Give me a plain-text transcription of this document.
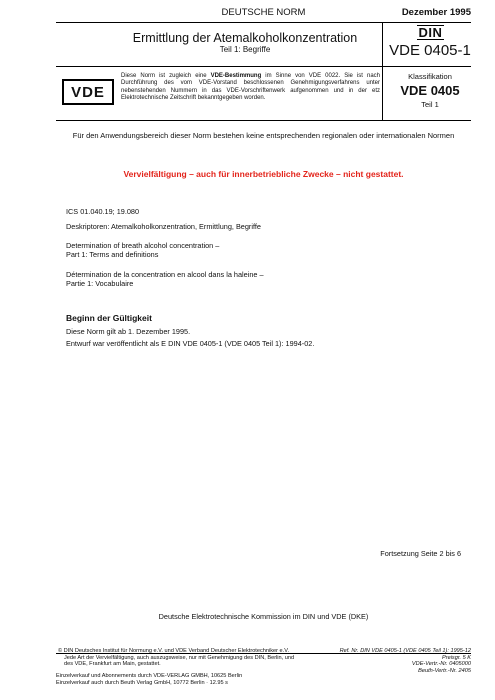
DEUTSCHE NORM	Dezember 1995
Ermittlung der Atemalkoholkonzentration
Teil 1: Begriffe
DIN
VDE 0405-1
VDE
Diese Norm ist zugleich eine VDE-Bestimmung im Sinne von VDE 0022. Sie ist nach Durchführung des vom VDE-Vorstand beschlossenen Genehmigungsverfahrens unter nebenstehenden Nummern in das VDE-Vorschriftenwerk aufgenommen und in der etz Elektrotechnische Zeitschrift bekanntgegeben worden.
Klassifikation
VDE 0405
Teil 1
Für den Anwendungsbereich dieser Norm bestehen keine entsprechenden regionalen oder internationalen Normen
Vervielfältigung – auch für innerbetriebliche Zwecke – nicht gestattet.
ICS 01.040.19; 19.080
Deskriptoren: Atemalkoholkonzentration, Ermittlung, Begriffe
Determination of breath alcohol concentration –
Part 1: Terms and definitions
Détermination de la concentration en alcool dans la haleine –
Partie 1: Vocabulaire
Beginn der Gültigkeit
Diese Norm gilt ab 1. Dezember 1995.
Entwurf war veröffentlicht als E DIN VDE 0405-1 (VDE 0405 Teil 1): 1994-02.
Fortsetzung Seite 2 bis 6
Deutsche Elektrotechnische Kommission im DIN und VDE (DKE)
© DIN Deutsches Institut für Normung e.V. und VDE Verband Deutscher Elektrotechniker e.V.
Jede Art der Vervielfältigung, auch auszugsweise, nur mit Genehmigung des DIN, Berlin, und
des VDE, Frankfurt am Main, gestattet.
Einzelverkauf und Abonnements durch VDE-VERLAG GMBH, 10625 Berlin
Einzelverkauf auch durch Beuth Verlag GmbH, 10772 Berlin · 12.95 s
Ref. Nr. DIN VDE 0405-1 (VDE 0405 Teil 1): 1995-12
Preisgr. 5 K
VDE-Vertr.-Nr. 0405000
Beuth-Vertr.-Nr. 2405
